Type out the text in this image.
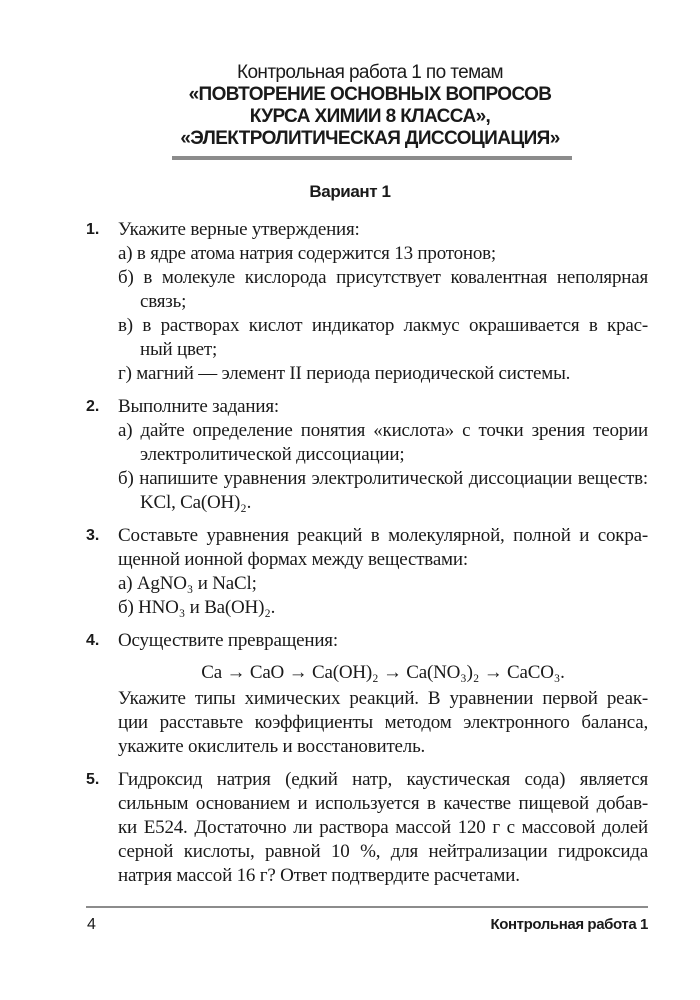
Контрольная работа 1 по темам
«ПОВТОРЕНИЕ ОСНОВНЫХ ВОПРОСОВ
КУРСА ХИМИИ 8 КЛАССА»,
«ЭЛЕКТРОЛИТИЧЕСКАЯ ДИССОЦИАЦИЯ»
Вариант 1
1. Укажите верные утверждения:
а) в ядре атома натрия содержится 13 протонов;
б) в молекуле кислорода присутствует ковалентная неполярная
связь;
в) в растворах кислот индикатор лакмус окрашивается в крас-
ный цвет;
г) магний — элемент II периода периодической системы.
2. Выполните задания:
а) дайте определение понятия «кислота» с точки зрения теории
электролитической диссоциации;
б) напишите уравнения электролитической диссоциации веществ:
KCl, Ca(OH)₂.
3. Составьте уравнения реакций в молекулярной, полной и сокра-
щенной ионной формах между веществами:
а) AgNO₃ и NaCl;
б) HNO₃ и Ba(OH)₂.
4. Осуществите превращения:
Ca → CaO → Ca(OH)₂ → Ca(NO₃)₂ → CaCO₃.
Укажите типы химических реакций. В уравнении первой реак-
ции расставьте коэффициенты методом электронного баланса,
укажите окислитель и восстановитель.
5. Гидроксид натрия (едкий натр, каустическая сода) является
сильным основанием и используется в качестве пищевой добав-
ки E524. Достаточно ли раствора массой 120 г с массовой долей
серной кислоты, равной 10 %, для нейтрализации гидроксида
натрия массой 16 г? Ответ подтвердите расчетами.
4	Контрольная работа 1
